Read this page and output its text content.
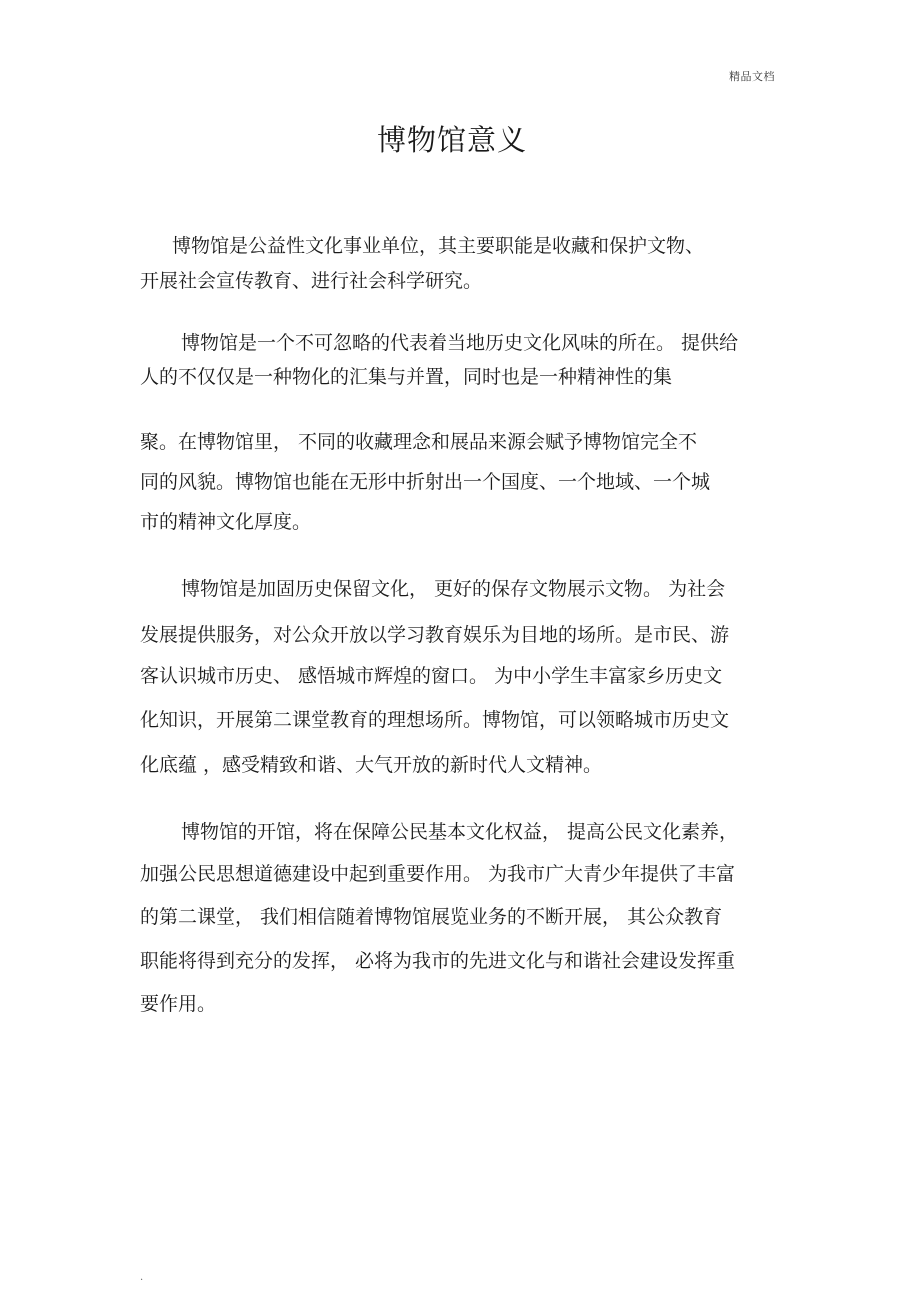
精品文档
博物馆意义
博物馆是公益性文化事业单位，其主要职能是收藏和保护文物、
开展社会宣传教育、进行社会科学研究。
博物馆是一个不可忽略的代表着当地历史文化风味的所在。 提供给
人的不仅仅是一种物化的汇集与并置，同时也是一种精神性的集
聚。在博物馆里， 不同的收藏理念和展品来源会赋予博物馆完全不
同的风貌。博物馆也能在无形中折射出一个国度、一个地域、一个城
市的精神文化厚度。
博物馆是加固历史保留文化， 更好的保存文物展示文物。 为社会
发展提供服务，对公众开放以学习教育娱乐为目地的场所。是市民、游
客认识城市历史、 感悟城市辉煌的窗口。 为中小学生丰富家乡历史文
化知识，开展第二课堂教育的理想场所。博物馆，可以领略城市历史文
化底蕴 ，感受精致和谐、大气开放的新时代人文精神。
博物馆的开馆，将在保障公民基本文化权益， 提高公民文化素养，
加强公民思想道德建设中起到重要作用。 为我市广大青少年提供了丰富
的第二课堂， 我们相信随着博物馆展览业务的不断开展， 其公众教育
职能将得到充分的发挥， 必将为我市的先进文化与和谐社会建设发挥重
要作用。
.
